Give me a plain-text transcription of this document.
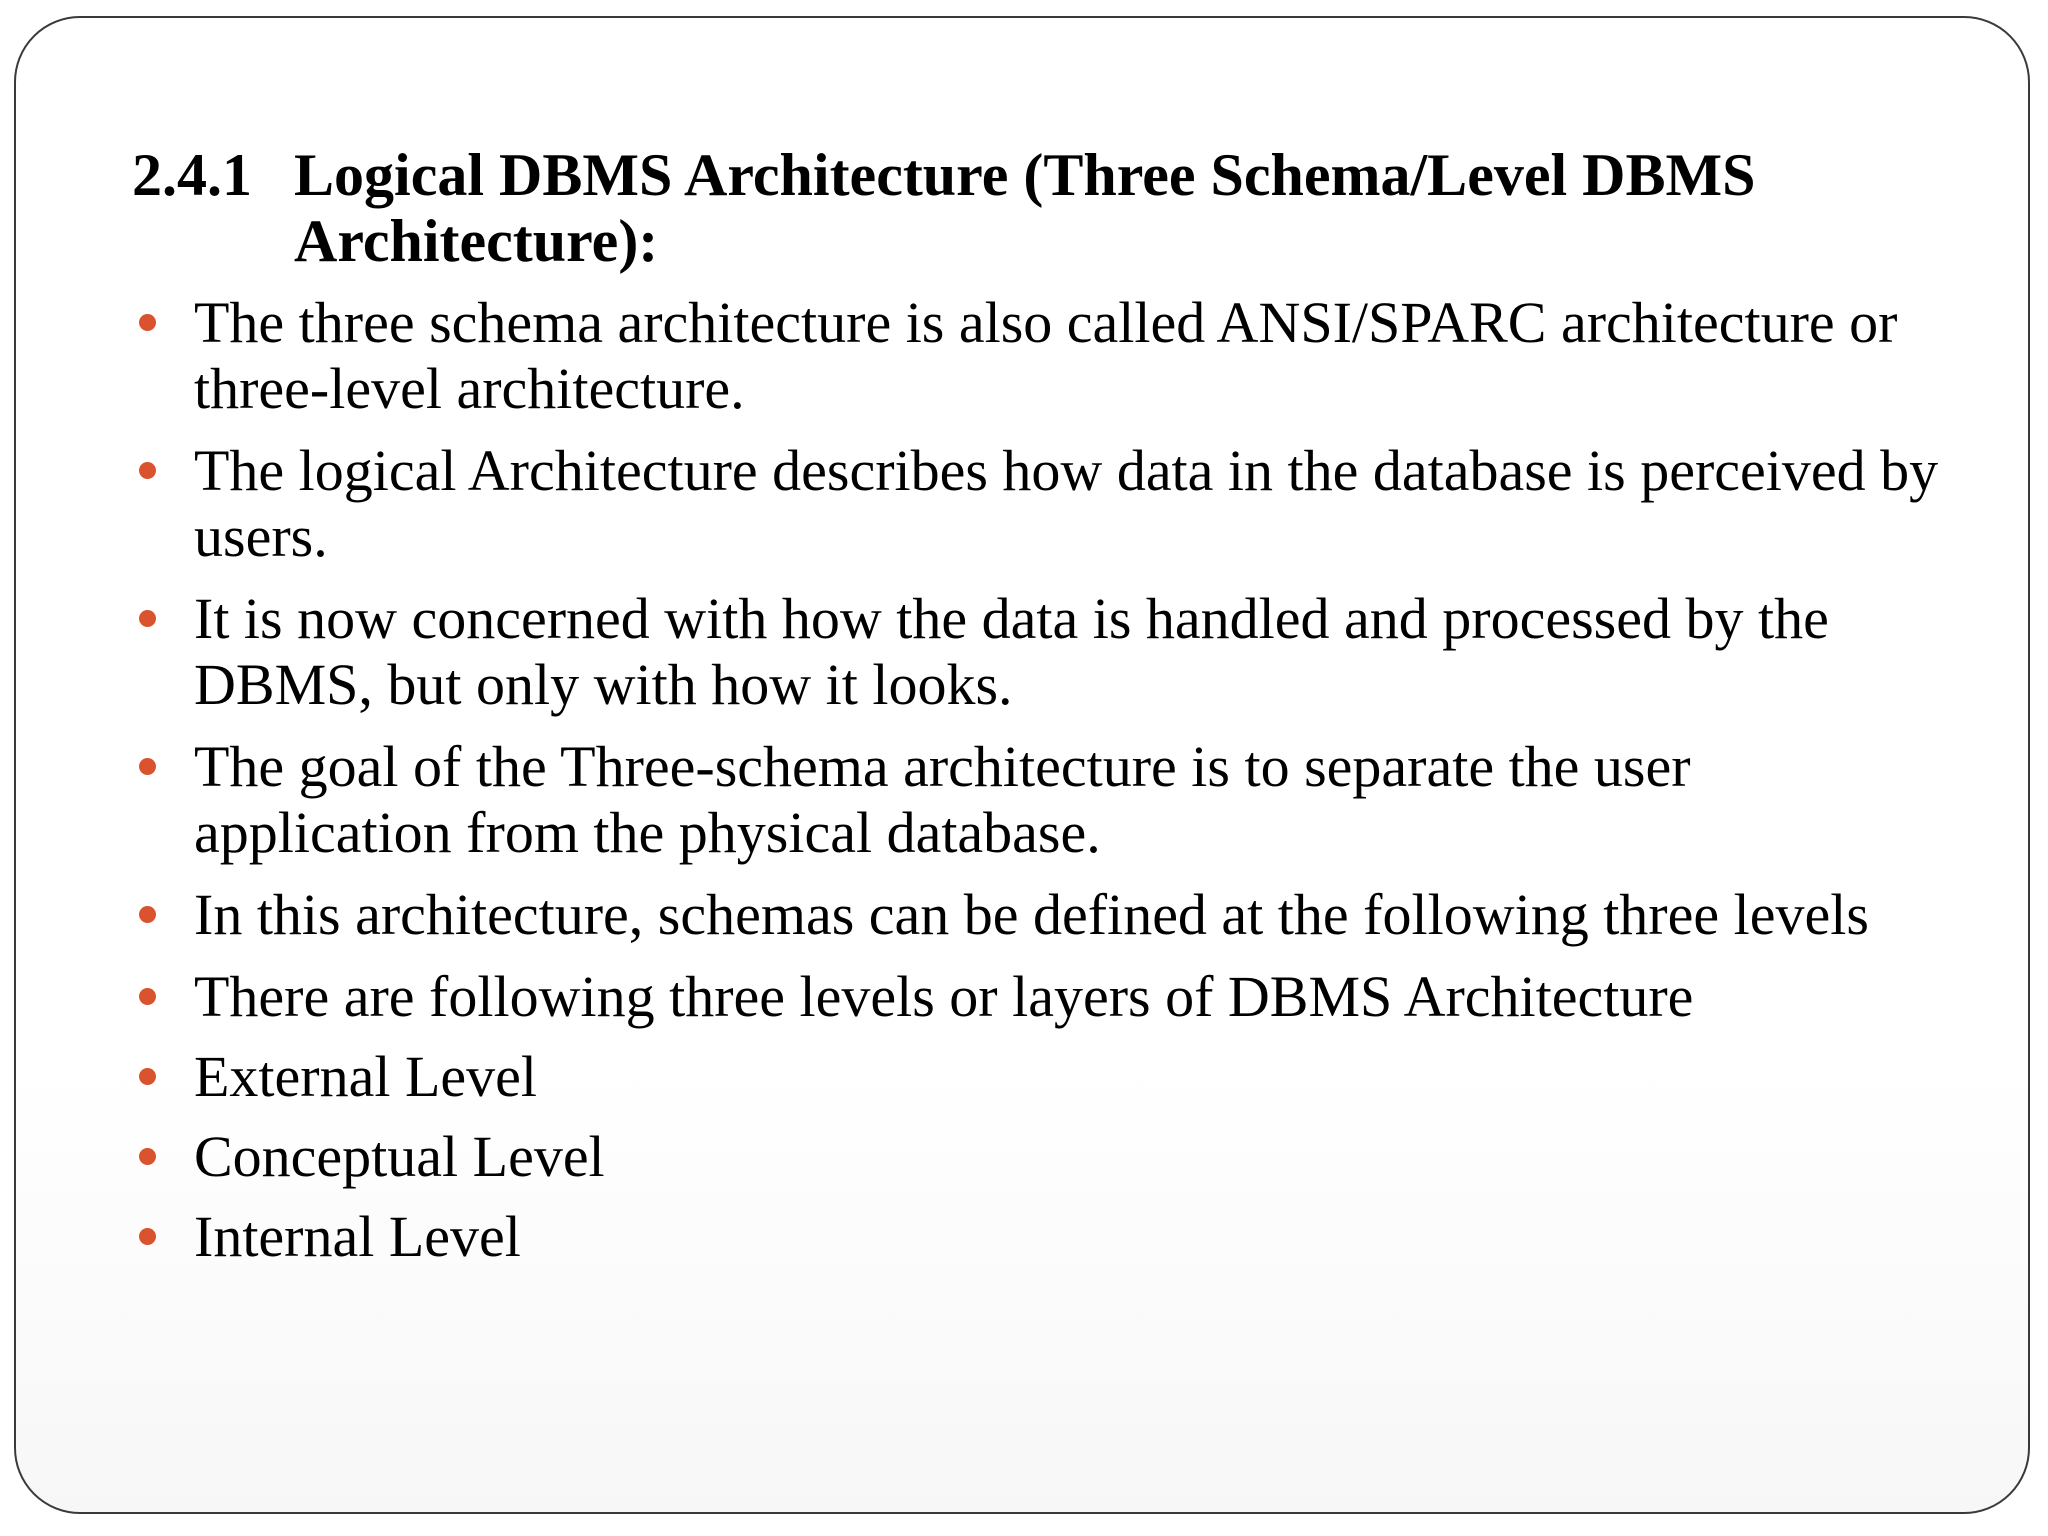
2.4.1 Logical DBMS Architecture (Three Schema/Level DBMS Architecture):
The three schema architecture is also called ANSI/SPARC architecture or three-level architecture.
The logical Architecture describes how data in the database is perceived by users.
It is now concerned with how the data is handled and processed by the DBMS, but only with how it looks.
The goal of the Three-schema architecture is to separate the user application from the physical database.
In this architecture, schemas can be defined at the following three levels
There are following three levels or layers of DBMS Architecture
External Level
Conceptual Level
Internal Level
